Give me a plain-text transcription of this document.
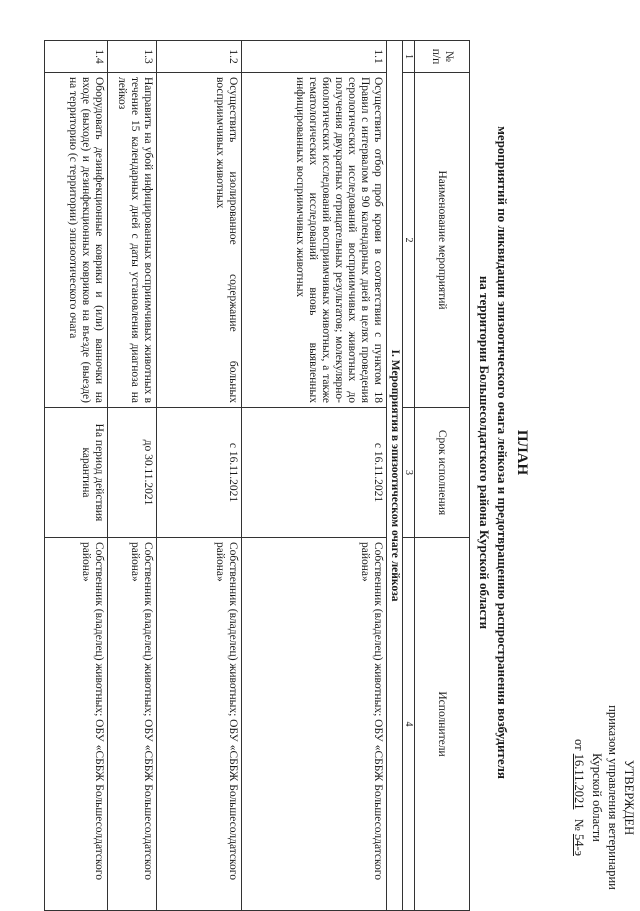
УТВЕРЖДЕН
приказом управления ветеринарии
Курской области
от 16.11.2021   № 54-э
ПЛАН
мероприятий по ликвидации эпизоотического очага лейкоза и предотвращению распространения возбудителя
на территории Большесолдатского района Курской области
№ п/п	Наименование мероприятий	Срок исполнения	Исполнители
1	2	3	4
I. Мероприятия в эпизоотическом очаге лейкоза			
1.1	Осуществить отбор проб крови в соответствии с пунктом 18 Правил с интервалом в 90 календарных дней в целях проведения серологических исследований восприимчивых животных до получения двукратных отрицательных результатов; молекулярно-биологических исследований восприимчивых животных, а также гематологических исследований вновь выявленных инфицированных восприимчивых животных	с 16.11.2021	Собственник (владелец) животных; ОБУ «СББЖ Большесолдатского района»
1.2	Осуществить изолированное содержание больных восприимчивых животных	с 16.11.2021	Собственник (владелец) животных; ОБУ «СББЖ Большесолдатского района»
1.3	Направить на убой инфицированных восприимчивых животных в течение 15 календарных дней с даты установления диагноза на лейкоз	до 30.11.2021	Собственник (владелец) животных; ОБУ «СББЖ Большесолдатского района»
1.4	Оборудовать дезинфекционные коврики и (или) ванночки на входе (выходе) и дезинфекционных ковриков на въезде (выезде) на территорию (с территории) эпизоотического очага	На период действия карантина	Собственник (владелец) животных; ОБУ «СББЖ Большесолдатского района»
